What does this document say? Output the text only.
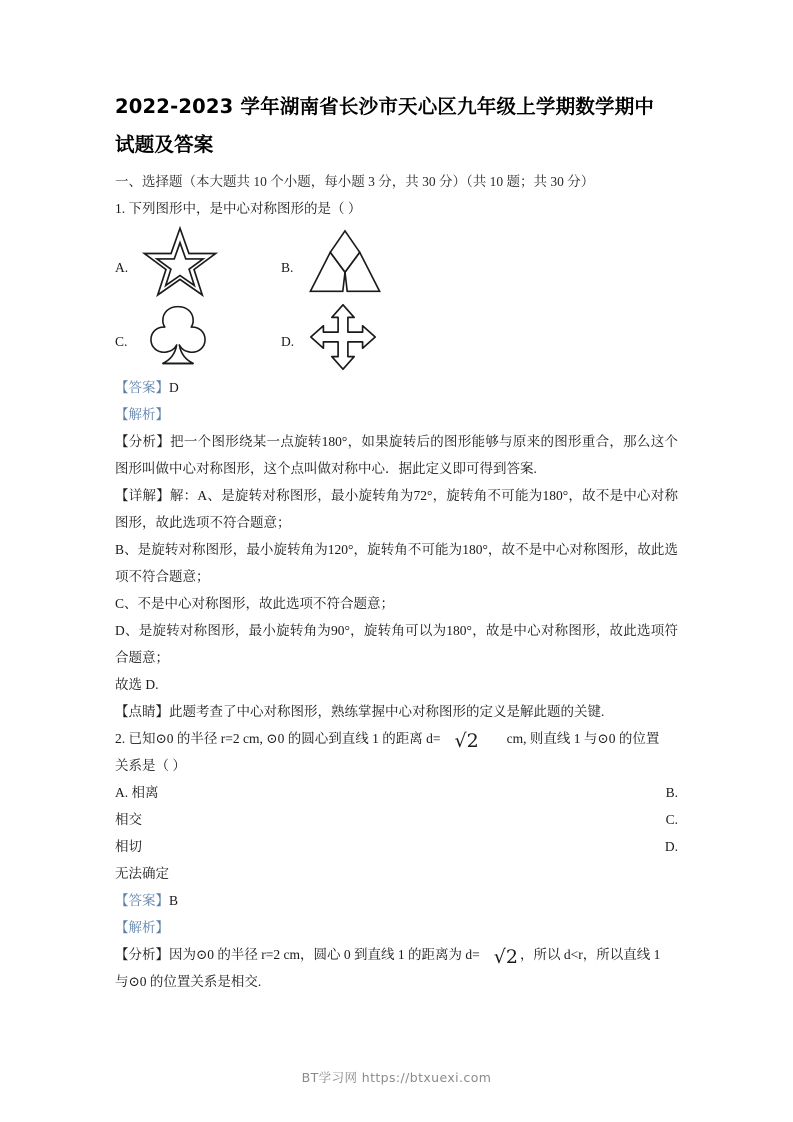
2022-2023 学年湖南省长沙市天心区九年级上学期数学期中
试题及答案

一、选择题（本大题共 10 个小题，每小题 3 分，共 30 分）（共 10 题；共 30 分）

1. 下列图形中，是中心对称图形的是（ ）

A.	B.
C.	D.

【答案】D

【解析】

【分析】把一个图形绕某一点旋转180°，如果旋转后的图形能够与原来的图形重合，那么这个图形叫做中心对称图形，这个点叫做对称中心．据此定义即可得到答案.

【详解】解：A、是旋转对称图形，最小旋转角为72°，旋转角不可能为180°，故不是中心对称图形，故此选项不符合题意；

B、是旋转对称图形，最小旋转角为120°，旋转角不可能为180°，故不是中心对称图形，故此选项不符合题意；

C、不是中心对称图形，故此选项不符合题意；

D、是旋转对称图形，最小旋转角为90°，旋转角可以为180°，故是中心对称图形，故此选项符合题意；

故选 D.

【点睛】此题考查了中心对称图形，熟练掌握中心对称图形的定义是解此题的关键.

2. 已知⊙0 的半径 r=2 cm, ⊙0 的圆心到直线 1 的距离 d= √2 cm, 则直线 1 与⊙0 的位置

关系是（ ）

A. 相离	B.
相交	C.
相切	D.
无法确定

【答案】B

【解析】

【分析】因为⊙0 的半径 r=2 cm，圆心 0 到直线 1 的距离为 d= √2 ，所以 d<r，所以直线 1

与⊙0 的位置关系是相交.

BT学习网 https://btxuexi.com
